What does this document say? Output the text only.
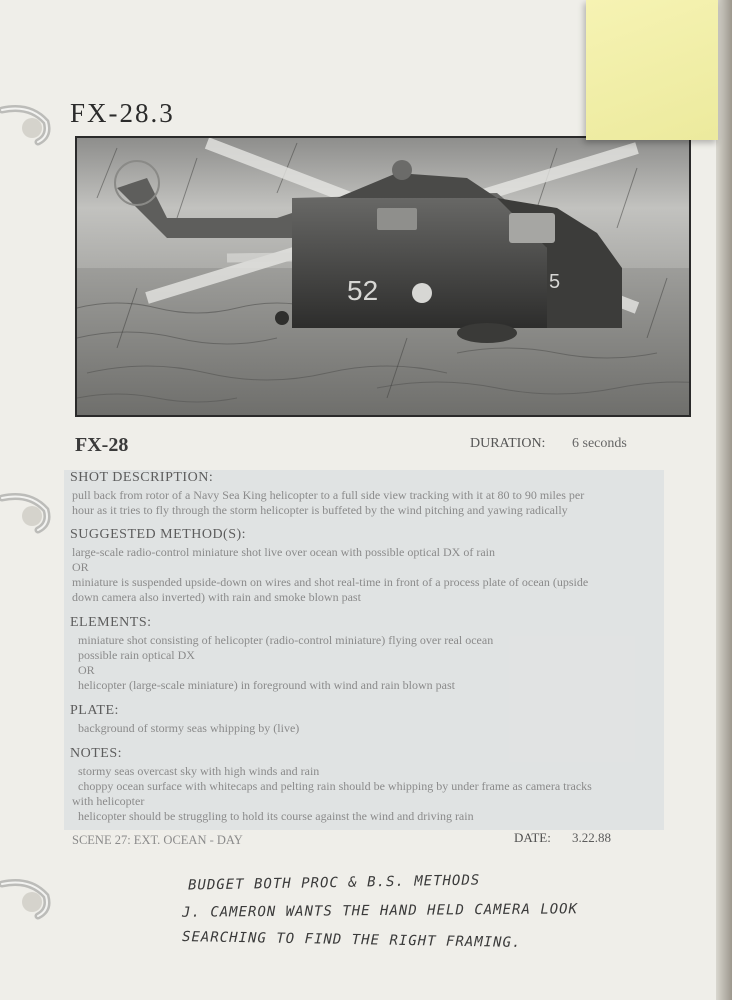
FX-28.3
52	5
FX-28	DURATION: 6 seconds
SHOT DESCRIPTION:
pull back from rotor of a Navy Sea King helicopter to a full side view tracking with it at 80 to 90 miles per
hour as it tries to fly through the storm helicopter is buffeted by the wind pitching and yawing radically
SUGGESTED METHOD(S):
large-scale radio-control miniature shot live over ocean with possible optical DX of rain
OR
miniature is suspended upside-down on wires and shot real-time in front of a process plate of ocean (upside
down camera also inverted) with rain and smoke blown past
ELEMENTS:
miniature shot consisting of helicopter (radio-control miniature) flying over real ocean
possible rain optical DX
OR
helicopter (large-scale miniature) in foreground with wind and rain blown past
PLATE:
background of stormy seas whipping by (live)
NOTES:
stormy seas overcast sky with high winds and rain
choppy ocean surface with whitecaps and pelting rain should be whipping by under frame as camera tracks
with helicopter
helicopter should be struggling to hold its course against the wind and driving rain
SCENE 27: EXT. OCEAN - DAY	DATE: 3.22.88
BUDGET BOTH PROC & B.S. METHODS
J. CAMERON WANTS THE HAND HELD CAMERA LOOK
SEARCHING TO FIND THE RIGHT FRAMING.
